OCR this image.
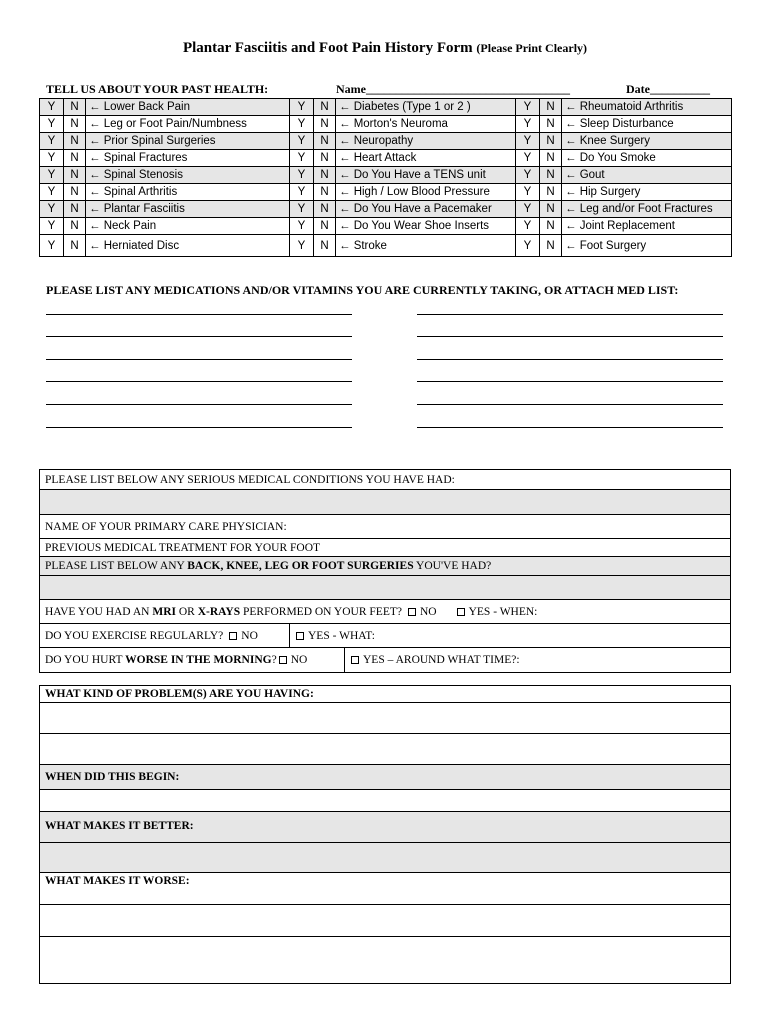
Plantar Fasciitis and Foot Pain History Form (Please Print Clearly)
TELL US ABOUT YOUR PAST HEALTH:	Name__________________________________	Date__________
Y	N	← Lower Back Pain	Y	N	← Diabetes (Type 1 or 2 )	Y	N	← Rheumatoid Arthritis
Y	N	← Leg or Foot Pain/Numbness	Y	N	← Morton's Neuroma	Y	N	← Sleep Disturbance
Y	N	← Prior Spinal Surgeries	Y	N	← Neuropathy	Y	N	← Knee Surgery
Y	N	← Spinal Fractures	Y	N	← Heart Attack	Y	N	← Do You Smoke
Y	N	← Spinal Stenosis	Y	N	← Do You Have a TENS unit	Y	N	← Gout
Y	N	← Spinal Arthritis	Y	N	← High / Low Blood Pressure	Y	N	← Hip Surgery
Y	N	← Plantar Fasciitis	Y	N	← Do You Have a Pacemaker	Y	N	← Leg and/or Foot Fractures
Y	N	← Neck Pain	Y	N	← Do You Wear Shoe Inserts	Y	N	← Joint Replacement
Y	N	← Herniated Disc	Y	N	← Stroke	Y	N	← Foot Surgery
PLEASE LIST ANY MEDICATIONS AND/OR VITAMINS YOU ARE CURRENTLY TAKING, OR ATTACH MED LIST:
PLEASE LIST BELOW ANY SERIOUS MEDICAL CONDITIONS YOU HAVE HAD:
NAME OF YOUR PRIMARY CARE PHYSICIAN:
PREVIOUS MEDICAL TREATMENT FOR YOUR FOOT
PLEASE LIST BELOW ANY BACK, KNEE, LEG OR FOOT SURGERIES YOU'VE HAD?
HAVE YOU HAD AN MRI OR X-RAYS PERFORMED ON YOUR FEET? NO	YES - WHEN:
DO YOU EXERCISE REGULARLY? NO	YES - WHAT:
DO YOU HURT WORSE IN THE MORNING? NO	YES – AROUND WHAT TIME?:
WHAT KIND OF PROBLEM(S) ARE YOU HAVING:
WHEN DID THIS BEGIN:
WHAT MAKES IT BETTER:
WHAT MAKES IT WORSE:
